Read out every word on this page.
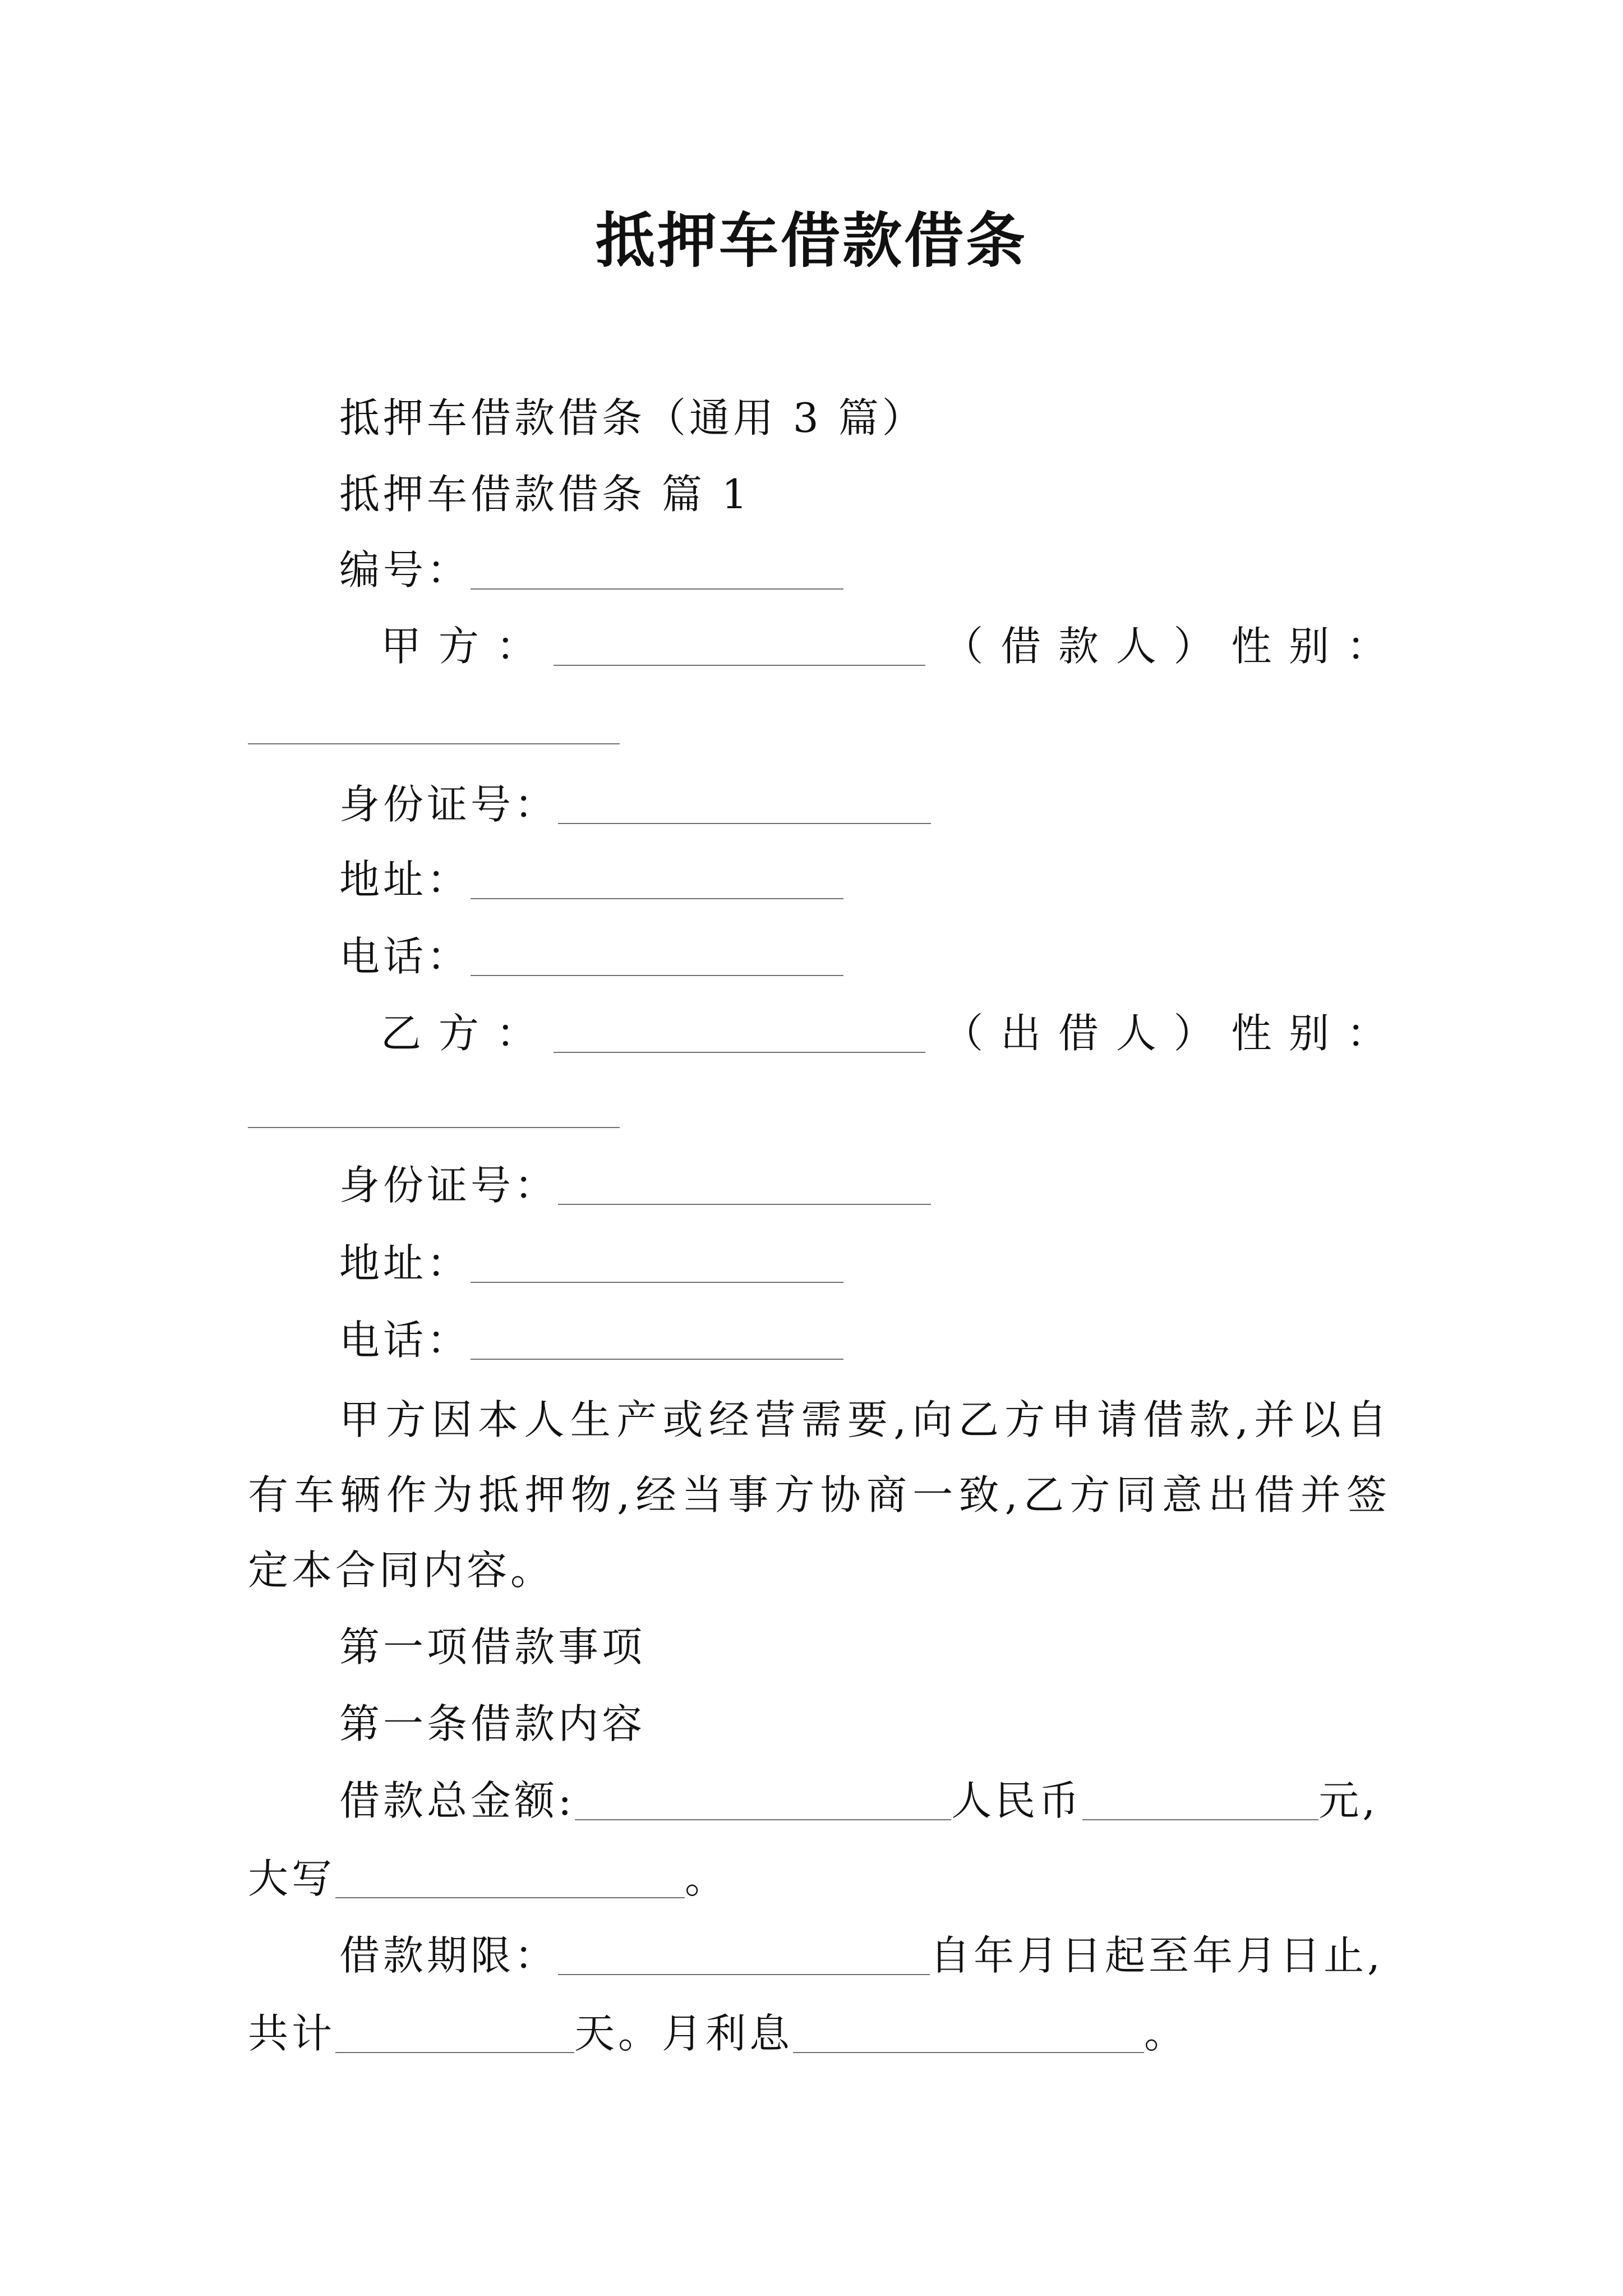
抵押车借款借条
抵押车借款借条（通用 3 篇）
抵押车借款借条 篇 1
编号：
甲方：	（借款人）性别：
身份证号：
地址：
电话：
乙方：	（出借人）性别：
身份证号：
地址：
电话：
甲方因本人生产或经营需要,向乙方申请借款,并以自
有车辆作为抵押物,经当事方协商一致,乙方同意出借并签
定本合同内容。
第一项借款事项
第一条借款内容
借款总金额:	人民币	元,
大写	。
借款期限：	自年月日起至年月日止,
共计	天。月利息	。
